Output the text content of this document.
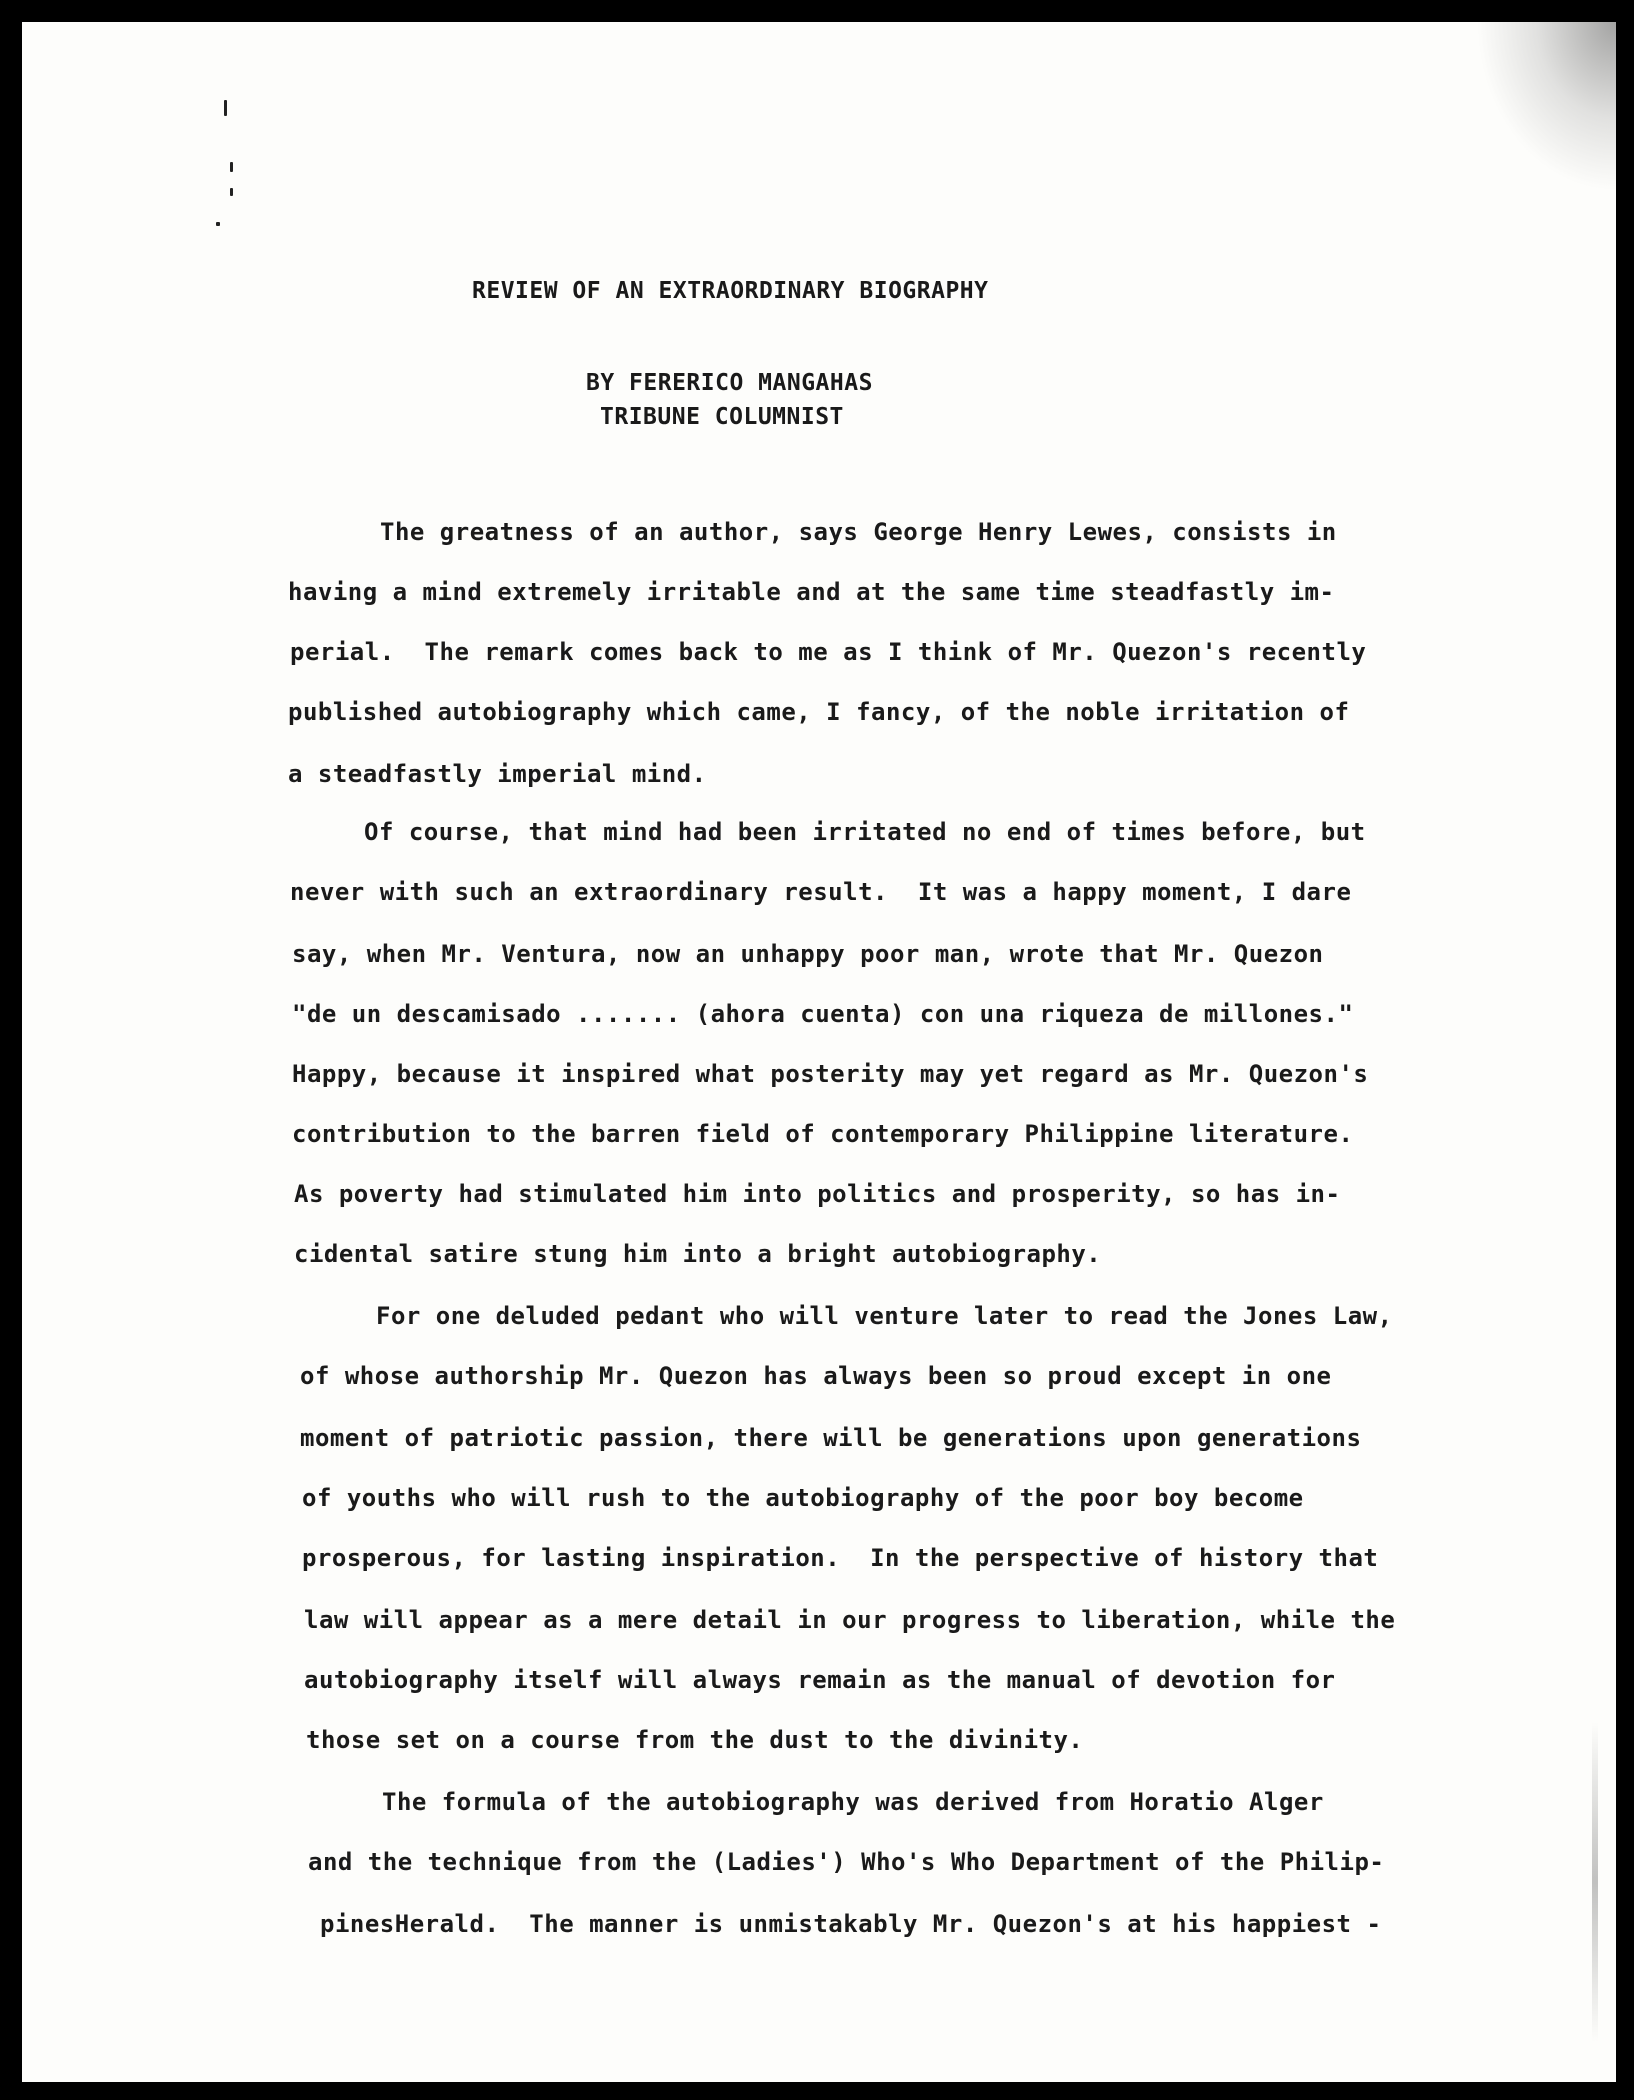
REVIEW OF AN EXTRAORDINARY BIOGRAPHY
BY FERERICO MANGAHAS
TRIBUNE COLUMNIST
The greatness of an author, says George Henry Lewes, consists in
having a mind extremely irritable and at the same time steadfastly im-
perial.  The remark comes back to me as I think of Mr. Quezon's recently
published autobiography which came, I fancy, of the noble irritation of
a steadfastly imperial mind.
Of course, that mind had been irritated no end of times before, but
never with such an extraordinary result.  It was a happy moment, I dare
say, when Mr. Ventura, now an unhappy poor man, wrote that Mr. Quezon
"de un descamisado ....... (ahora cuenta) con una riqueza de millones."
Happy, because it inspired what posterity may yet regard as Mr. Quezon's
contribution to the barren field of contemporary Philippine literature.
As poverty had stimulated him into politics and prosperity, so has in-
cidental satire stung him into a bright autobiography.
For one deluded pedant who will venture later to read the Jones Law,
of whose authorship Mr. Quezon has always been so proud except in one
moment of patriotic passion, there will be generations upon generations
of youths who will rush to the autobiography of the poor boy become
prosperous, for lasting inspiration.  In the perspective of history that
law will appear as a mere detail in our progress to liberation, while the
autobiography itself will always remain as the manual of devotion for
those set on a course from the dust to the divinity.
The formula of the autobiography was derived from Horatio Alger
and the technique from the (Ladies') Who's Who Department of the Philip-
pinesHerald.  The manner is unmistakably Mr. Quezon's at his happiest -
